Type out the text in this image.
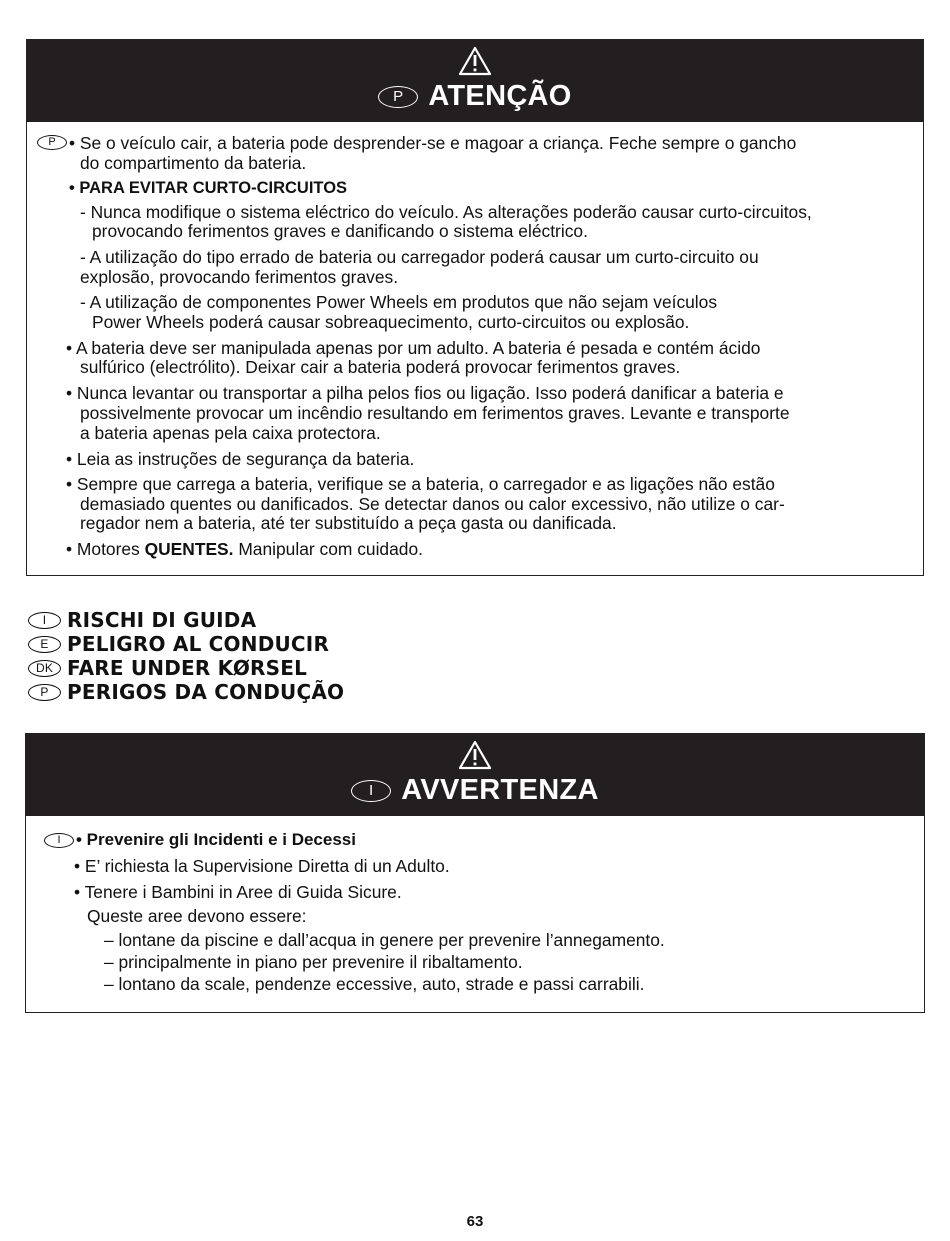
P ATENÇÃO
P • Se o veículo cair, a bateria pode desprender-se e magoar a criança. Feche sempre o gancho
do compartimento da bateria.
• PARA EVITAR CURTO-CIRCUITOS
- Nunca modifique o sistema eléctrico do veículo. As alterações poderão causar curto-circuitos,
provocando ferimentos graves e danificando o sistema eléctrico.
- A utilização do tipo errado de bateria ou carregador poderá causar um curto-circuito ou
explosão, provocando ferimentos graves.
- A utilização de componentes Power Wheels em produtos que não sejam veículos
Power Wheels poderá causar sobreaquecimento, curto-circuitos ou explosão.
• A bateria deve ser manipulada apenas por um adulto. A bateria é pesada e contém ácido
sulfúrico (electrólito). Deixar cair a bateria poderá provocar ferimentos graves.
• Nunca levantar ou transportar a pilha pelos fios ou ligação. Isso poderá danificar a bateria e
possivelmente provocar um incêndio resultando em ferimentos graves. Levante e transporte
a bateria apenas pela caixa protectora.
• Leia as instruções de segurança da bateria.
• Sempre que carrega a bateria, verifique se a bateria, o carregador e as ligações não estão
demasiado quentes ou danificados. Se detectar danos ou calor excessivo, não utilize o car-
regador nem a bateria, até ter substituído a peça gasta ou danificada.
• Motores QUENTES. Manipular com cuidado.
I	RISCHI DI GUIDA
E PELIGRO AL CONDUCIR
DK FARE UNDER KØRSEL
P PERIGOS DA CONDUÇÃO
I AVVERTENZA
I • Prevenire gli Incidenti e i Decessi
• E’ richiesta la Supervisione Diretta di un Adulto.
• Tenere i Bambini in Aree di Guida Sicure.
Queste aree devono essere:
– lontane da piscine e dall’acqua in genere per prevenire l’annegamento.
– principalmente in piano per prevenire il ribaltamento.
– lontano da scale, pendenze eccessive, auto, strade e passi carrabili.
63
